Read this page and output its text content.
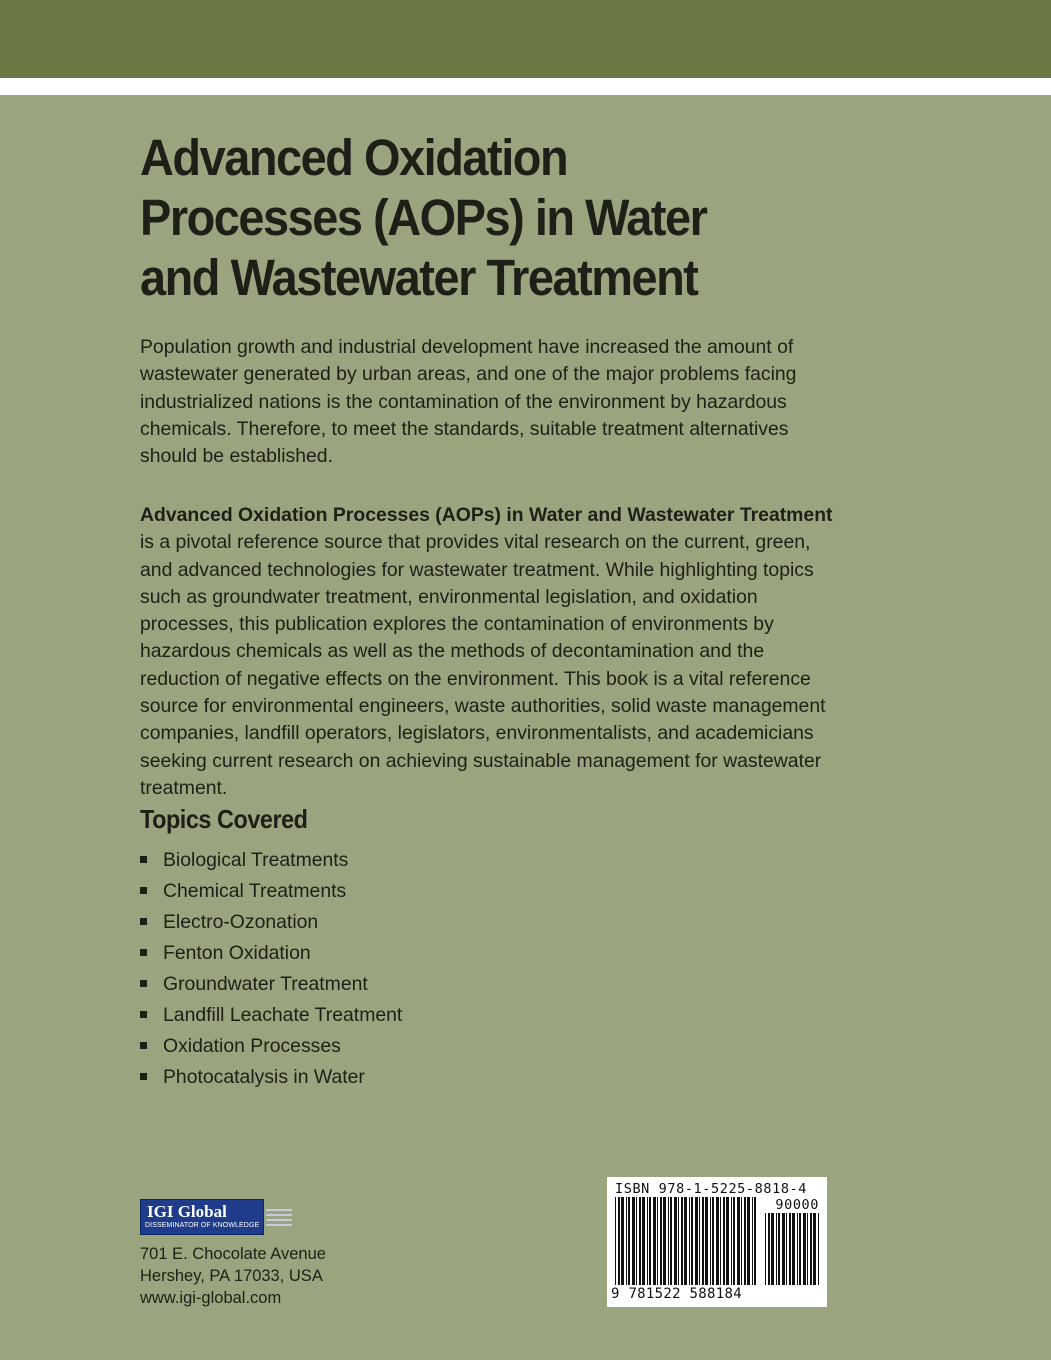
Advanced Oxidation
Processes (AOPs) in Water
and Wastewater Treatment

Population growth and industrial development have increased the amount of wastewater generated by urban areas, and one of the major problems facing industrialized nations is the contamination of the environment by hazardous chemicals. Therefore, to meet the standards, suitable treatment alternatives should be established.

Advanced Oxidation Processes (AOPs) in Water and Wastewater Treatment is a pivotal reference source that provides vital research on the current, green, and advanced technologies for wastewater treatment. While highlighting topics such as groundwater treatment, environmental legislation, and oxidation processes, this publication explores the contamination of environments by hazardous chemicals as well as the methods of decontamination and the reduction of negative effects on the environment. This book is a vital reference source for environmental engineers, waste authorities, solid waste management companies, landfill operators, legislators, environmentalists, and academicians seeking current research on achieving sustainable management for wastewater treatment.

Topics Covered
Biological Treatments
Chemical Treatments
Electro-Ozonation
Fenton Oxidation
Groundwater Treatment
Landfill Leachate Treatment
Oxidation Processes
Photocatalysis in Water
IGI Global
DISSEMINATOR OF KNOWLEDGE
701 E. Chocolate Avenue
Hershey, PA 17033, USA
www.igi-global.com
ISBN 978-1-5225-8818-4
90000
9 781522 588184
